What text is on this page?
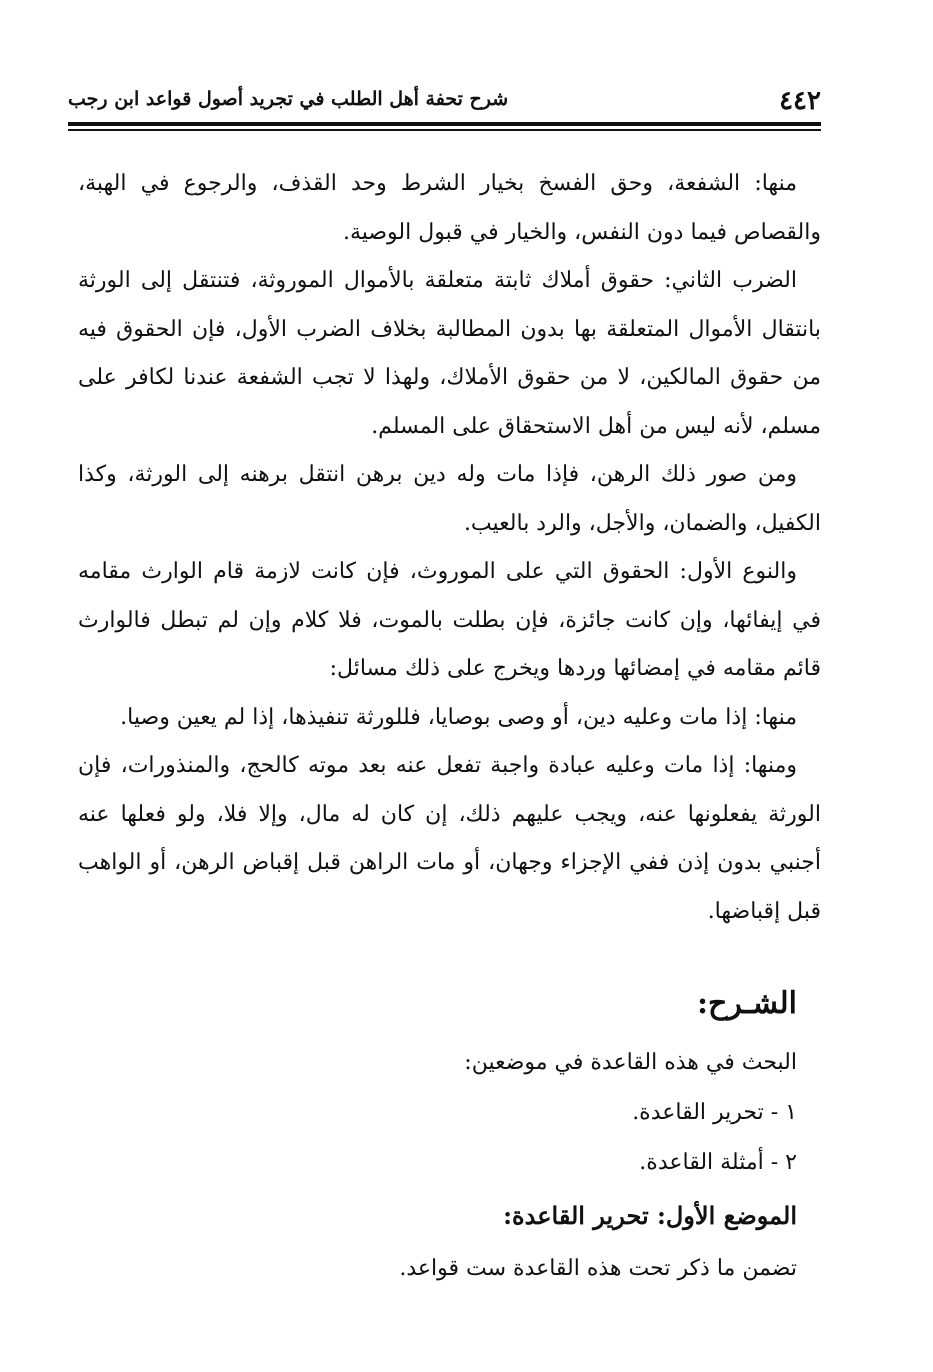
٤٤٢
شرح تحفة أهل الطلب في تجريد أصول قواعد ابن رجب

منها: الشفعة، وحق الفسخ بخيار الشرط وحد القذف، والرجوع في الهبة، والقصاص فيما دون النفس، والخيار في قبول الوصية.

الضرب الثاني: حقوق أملاك ثابتة متعلقة بالأموال الموروثة، فتنتقل إلى الورثة بانتقال الأموال المتعلقة بها بدون المطالبة بخلاف الضرب الأول، فإن الحقوق فيه من حقوق المالكين، لا من حقوق الأملاك، ولهذا لا تجب الشفعة عندنا لكافر على مسلم، لأنه ليس من أهل الاستحقاق على المسلم.

ومن صور ذلك الرهن، فإذا مات وله دين برهن انتقل برهنه إلى الورثة، وكذا الكفيل، والضمان، والأجل، والرد بالعيب.

والنوع الأول: الحقوق التي على الموروث، فإن كانت لازمة قام الوارث مقامه في إيفائها، وإن كانت جائزة، فإن بطلت بالموت، فلا كلام وإن لم تبطل فالوارث قائم مقامه في إمضائها وردها ويخرج على ذلك مسائل:

منها: إذا مات وعليه دين، أو وصى بوصايا، فللورثة تنفيذها، إذا لم يعين وصيا.

ومنها: إذا مات وعليه عبادة واجبة تفعل عنه بعد موته كالحج، والمنذورات، فإن الورثة يفعلونها عنه، ويجب عليهم ذلك، إن كان له مال، وإلا فلا، ولو فعلها عنه أجنبي بدون إذن ففي الإجزاء وجهان، أو مات الراهن قبل إقباض الرهن، أو الواهب قبل إقباضها.

الشـرح:

البحث في هذه القاعدة في موضعين:

١ - تحرير القاعدة.

٢ - أمثلة القاعدة.

الموضع الأول: تحرير القاعدة:

تضمن ما ذكر تحت هذه القاعدة ست قواعد.
